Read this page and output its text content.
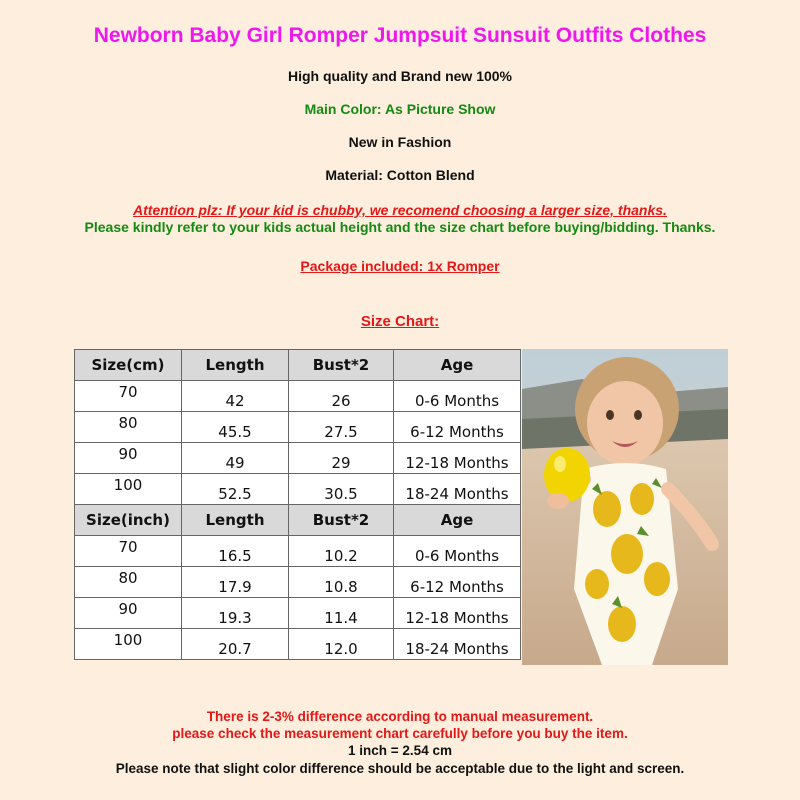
Newborn Baby Girl Romper Jumpsuit Sunsuit Outfits Clothes
High quality and Brand new 100%
Main Color: As Picture Show
New in Fashion
Material: Cotton Blend
Attention plz: If your kid is chubby, we recomend choosing a larger size, thanks.
Please kindly refer to your kids actual height and the size chart before buying/bidding. Thanks.
Package included: 1x Romper
Size Chart:
Size(cm)	Length	Bust*2	Age
70	42	26	0-6 Months
80	45.5	27.5	6-12 Months
90	49	29	12-18 Months
100	52.5	30.5	18-24 Months
Size(inch)	Length	Bust*2	Age
70	16.5	10.2	0-6 Months
80	17.9	10.8	6-12 Months
90	19.3	11.4	12-18 Months
100	20.7	12.0	18-24 Months
There is 2-3% difference according to manual measurement.
please check the measurement chart carefully before you buy the item.
1 inch = 2.54 cm
Please note that slight color difference should be acceptable due to the light and screen.
